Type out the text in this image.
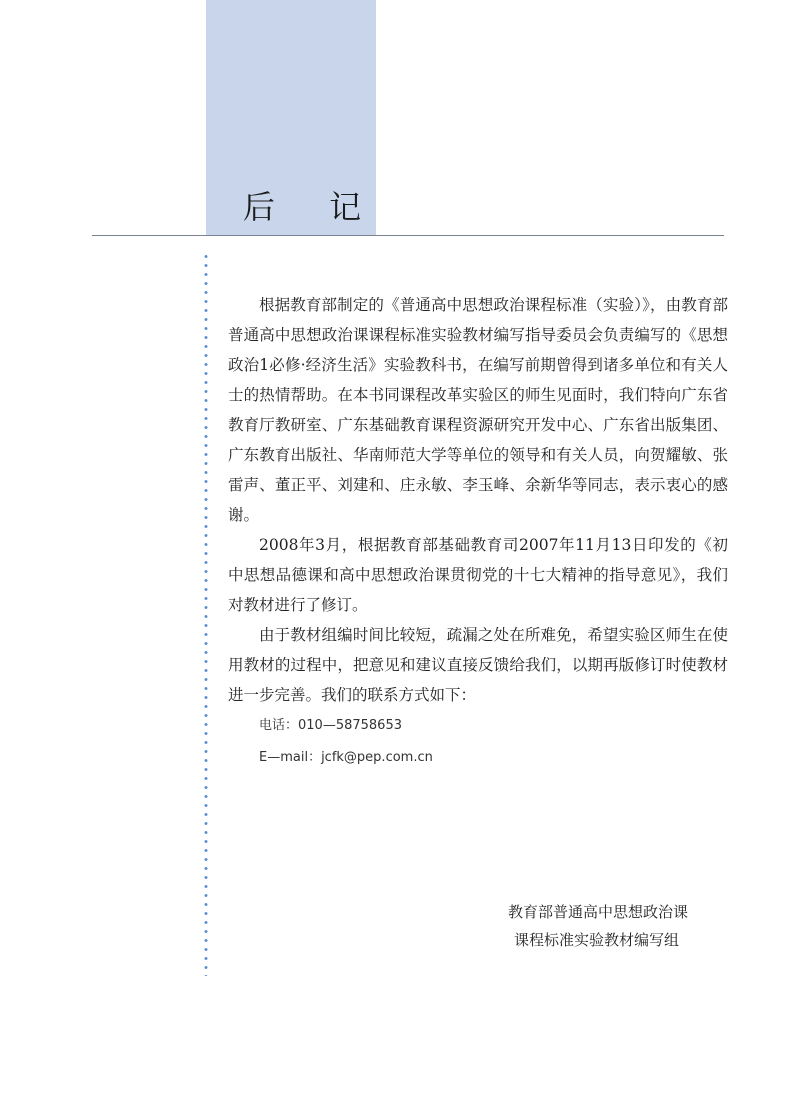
后 记

根据教育部制定的《普通高中思想政治课程标准（实验）》，由教育部普通高中思想政治课课程标准实验教材编写指导委员会负责编写的《思想政治1必修·经济生活》实验教科书，在编写前期曾得到诸多单位和有关人士的热情帮助。在本书同课程改革实验区的师生见面时，我们特向广东省教育厅教研室、广东基础教育课程资源研究开发中心、广东省出版集团、广东教育出版社、华南师范大学等单位的领导和有关人员，向贺耀敏、张雷声、董正平、刘建和、庄永敏、李玉峰、余新华等同志，表示衷心的感谢。

2008年3月，根据教育部基础教育司2007年11月13日印发的《初中思想品德课和高中思想政治课贯彻党的十七大精神的指导意见》，我们对教材进行了修订。

由于教材组编时间比较短，疏漏之处在所难免，希望实验区师生在使用教材的过程中，把意见和建议直接反馈给我们，以期再版修订时使教材进一步完善。我们的联系方式如下：

电话：010—58758653
E—mail：jcfk@pep.com.cn
教育部普通高中思想政治课
课程标准实验教材编写组
